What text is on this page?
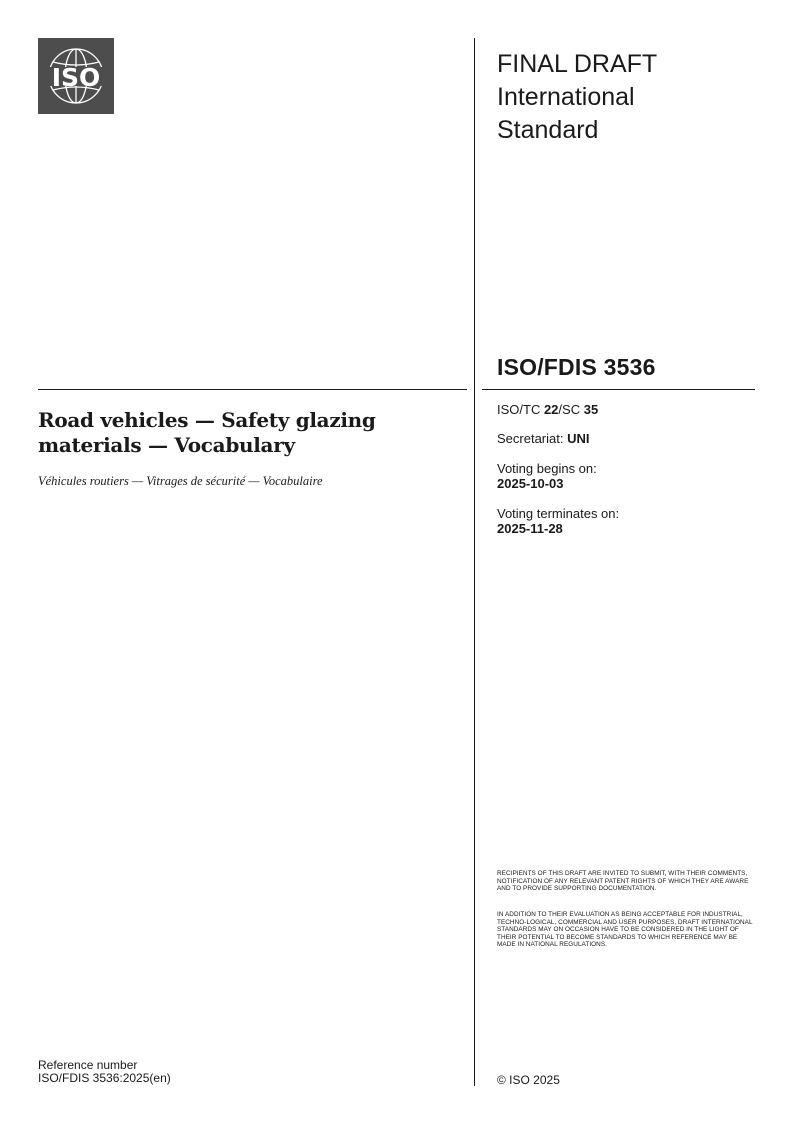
ISO	FINAL DRAFT
International
Standard
ISO/FDIS 3536
Road vehicles — Safety glazing materials — Vocabulary
Véhicules routiers — Vitrages de sécurité — Vocabulaire
ISO/TC 22/SC 35
Secretariat: UNI
Voting begins on:
2025-10-03
Voting terminates on:
2025-11-28
RECIPIENTS OF THIS DRAFT ARE INVITED TO SUBMIT, WITH THEIR COMMENTS, NOTIFICATION OF ANY RELEVANT PATENT RIGHTS OF WHICH THEY ARE AWARE AND TO PROVIDE SUPPORTING DOCUMENTATION.
IN ADDITION TO THEIR EVALUATION AS BEING ACCEPTABLE FOR INDUSTRIAL, TECHNO-LOGICAL, COMMERCIAL AND USER PURPOSES, DRAFT INTERNATIONAL STANDARDS MAY ON OCCASION HAVE TO BE CONSIDERED IN THE LIGHT OF THEIR POTENTIAL TO BECOME STANDARDS TO WHICH REFERENCE MAY BE MADE IN NATIONAL REGULATIONS.
Reference number
ISO/FDIS 3536:2025(en)	© ISO 2025
